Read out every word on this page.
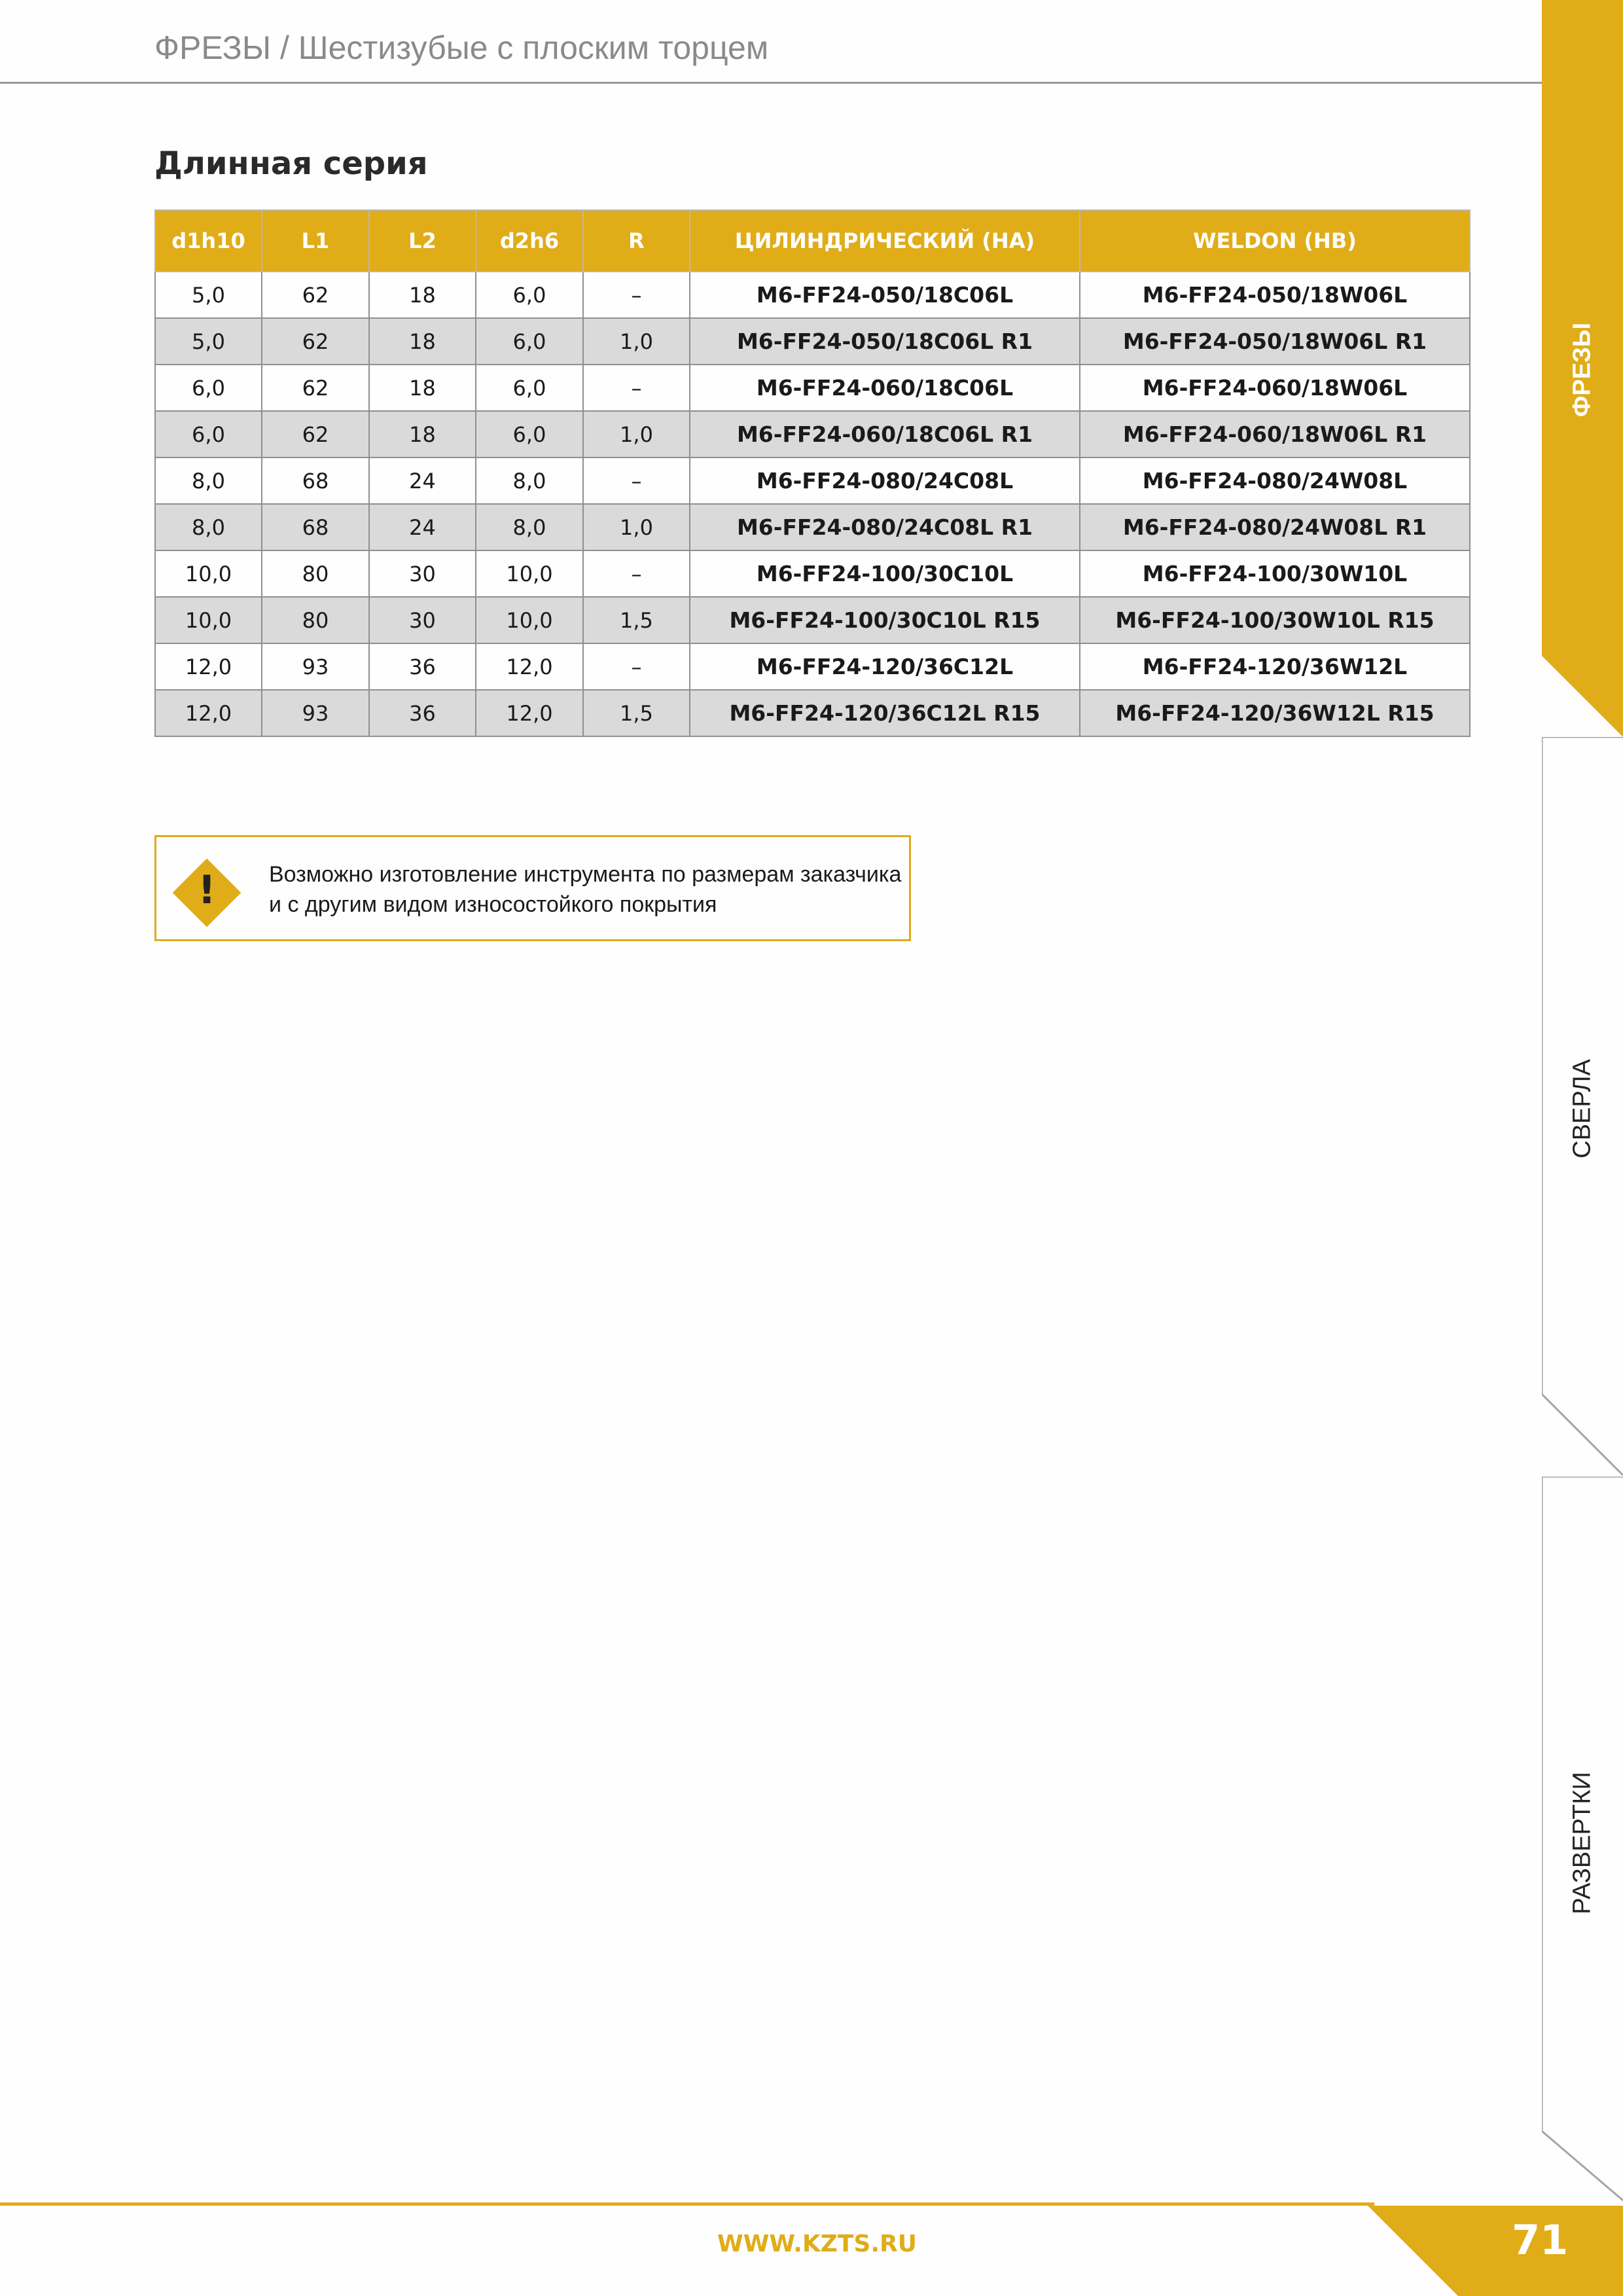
ФРЕЗЫ / Шестизубые с плоским торцем
Длинная серия
d1h10	L1	L2	d2h6	R	ЦИЛИНДРИЧЕСКИЙ (HA)	WELDON (HB)
5,0	62	18	6,0	–	M6-FF24-050/18C06L	M6-FF24-050/18W06L
5,0	62	18	6,0	1,0	M6-FF24-050/18C06L R1	M6-FF24-050/18W06L R1
6,0	62	18	6,0	–	M6-FF24-060/18C06L	M6-FF24-060/18W06L
6,0	62	18	6,0	1,0	M6-FF24-060/18C06L R1	M6-FF24-060/18W06L R1
8,0	68	24	8,0	–	M6-FF24-080/24C08L	M6-FF24-080/24W08L
8,0	68	24	8,0	1,0	M6-FF24-080/24C08L R1	M6-FF24-080/24W08L R1
10,0	80	30	10,0	–	M6-FF24-100/30C10L	M6-FF24-100/30W10L
10,0	80	30	10,0	1,5	M6-FF24-100/30C10L R15	M6-FF24-100/30W10L R15
12,0	93	36	12,0	–	M6-FF24-120/36C12L	M6-FF24-120/36W12L
12,0	93	36	12,0	1,5	M6-FF24-120/36C12L R15	M6-FF24-120/36W12L R15
!	Возможно изготовление инструмента по размерам заказчика
и с другим видом износостойкого покрытия
ФРЕЗЫ
СВЕРЛА
РАЗВЕРТКИ
WWW.KZTS.RU	71
